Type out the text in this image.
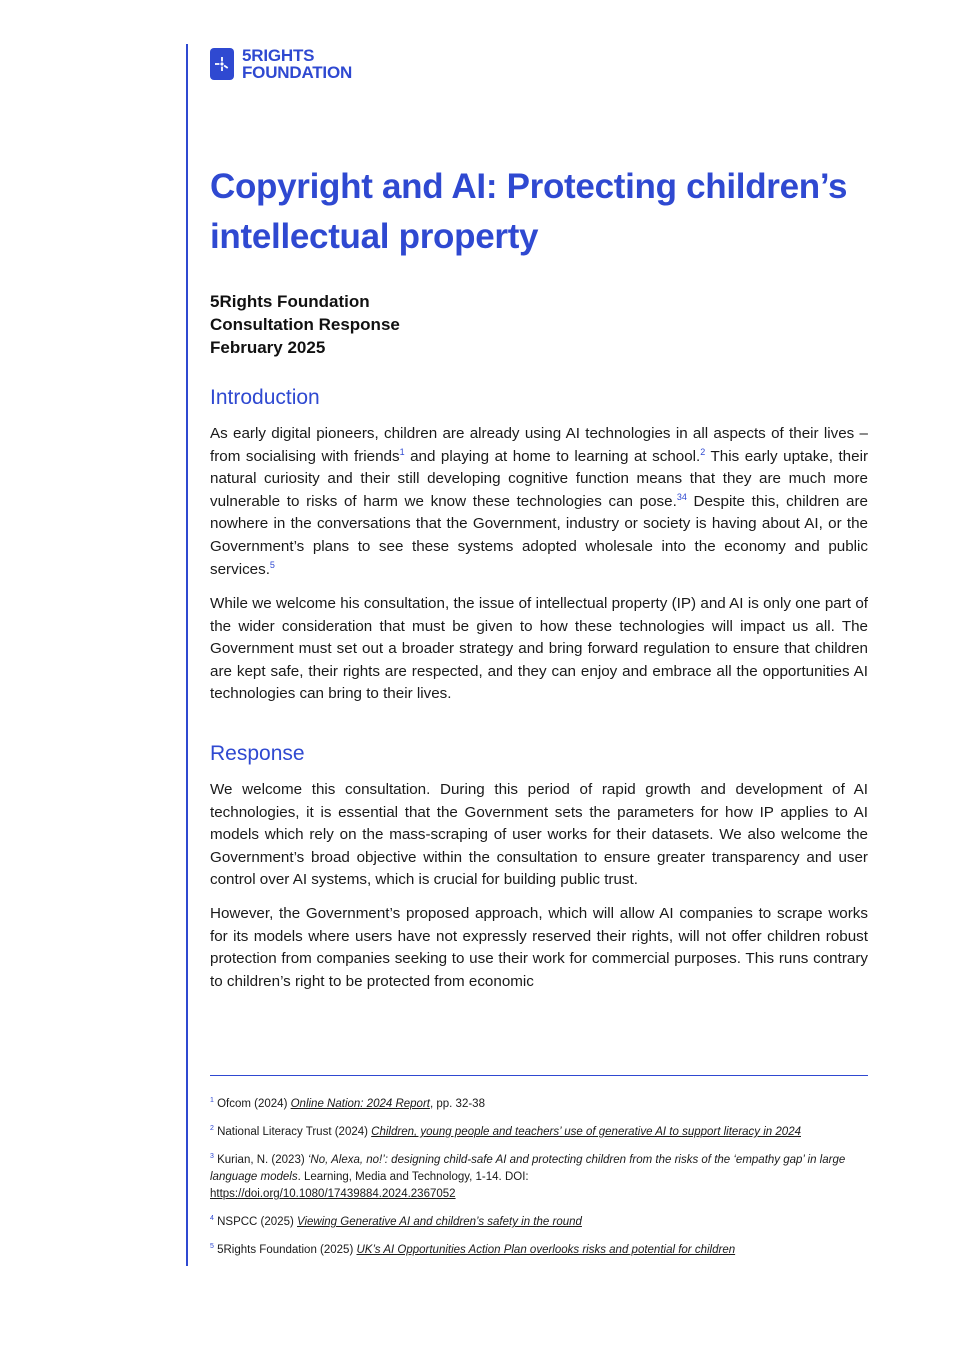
5RIGHTS
FOUNDATION
Copyright and AI: Protecting children’s intellectual property
5Rights Foundation
Consultation Response
February 2025
Introduction

As early digital pioneers, children are already using AI technologies in all aspects of their lives – from socialising with friends$^1$ and playing at home to learning at school.$^2$ This early uptake, their natural curiosity and their still developing cognitive function means that they are much more vulnerable to risks of harm we know these technologies can pose.$^{34}$ Despite this, children are nowhere in the conversations that the Government, industry or society is having about AI, or the Government’s plans to see these systems adopted wholesale into the economy and public services.$^5$

While we welcome his consultation, the issue of intellectual property (IP) and AI is only one part of the wider consideration that must be given to how these technologies will impact us all. The Government must set out a broader strategy and bring forward regulation to ensure that children are kept safe, their rights are respected, and they can enjoy and embrace all the opportunities AI technologies can bring to their lives.

Response

We welcome this consultation. During this period of rapid growth and development of AI technologies, it is essential that the Government sets the parameters for how IP applies to AI models which rely on the mass-scraping of user works for their datasets. We also welcome the Government’s broad objective within the consultation to ensure greater transparency and user control over AI systems, which is crucial for building public trust.

However, the Government’s proposed approach, which will allow AI companies to scrape works for its models where users have not expressly reserved their rights, will not offer children robust protection from companies seeking to use their work for commercial purposes. This runs contrary to children’s right to be protected from economic

$^1$ Ofcom (2024) Online Nation: 2024 Report, pp. 32-38
$^2$ National Literacy Trust (2024) Children, young people and teachers’ use of generative AI to support literacy in 2024
$^3$ Kurian, N. (2023) ‘No, Alexa, no!’: designing child-safe AI and protecting children from the risks of the ‘empathy gap’ in large language models. Learning, Media and Technology, 1-14. DOI:
https://doi.org/10.1080/17439884.2024.2367052
$^4$ NSPCC (2025) Viewing Generative AI and children’s safety in the round
$^5$ 5Rights Foundation (2025) UK’s AI Opportunities Action Plan overlooks risks and potential for children
